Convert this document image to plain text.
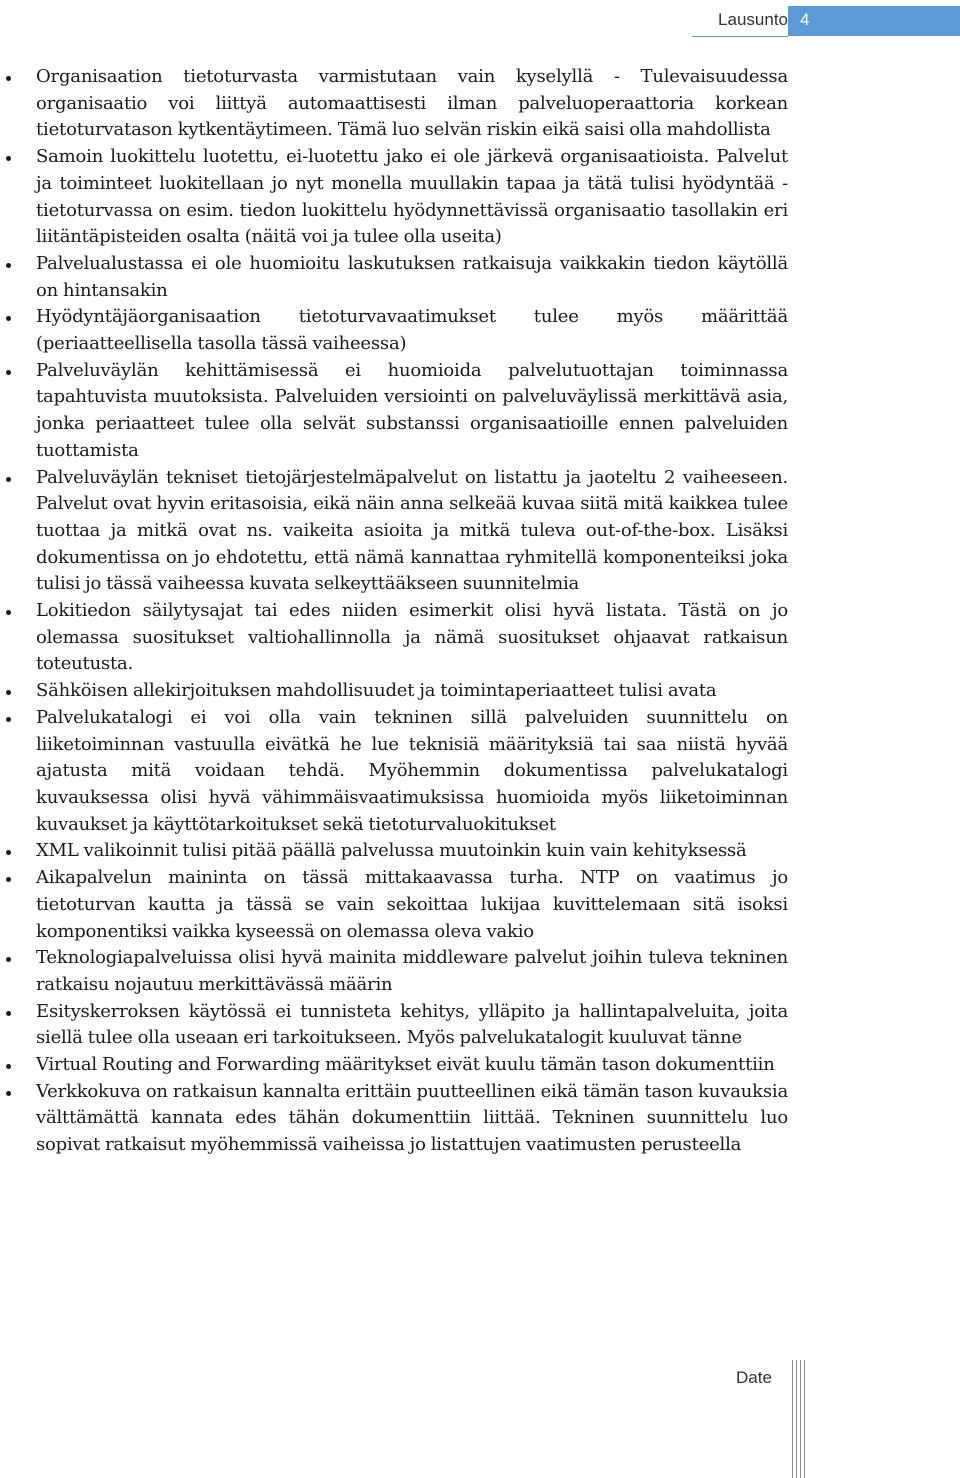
Lausunto 4
Organisaation tietoturvasta varmistutaan vain kyselyllä - Tulevaisuudessa organisaatio voi liittyä automaattisesti ilman palveluoperaattoria korkean tietoturvatason kytkentäytimeen. Tämä luo selvän riskin eikä saisi olla mahdollista
Samoin luokittelu luotettu, ei-luotettu jako ei ole järkevä organisaatioista. Palvelut ja toiminteet luokitellaan jo nyt monella muullakin tapaa ja tätä tulisi hyödyntää - tietoturvassa on esim. tiedon luokittelu hyödynnettävissä organisaatio tasollakin eri liitäntäpisteiden osalta (näitä voi ja tulee olla useita)
Palvelualustassa ei ole huomioitu laskutuksen ratkaisuja vaikkakin tiedon käytöllä on hintansakin
Hyödyntäjäorganisaation tietoturvavaatimukset tulee myös määrittää (periaatteellisella tasolla tässä vaiheessa)
Palveluväylän kehittämisessä ei huomioida palvelutuottajan toiminnassa tapahtuvista muutoksista. Palveluiden versiointi on palveluväylissä merkittävä asia, jonka periaatteet tulee olla selvät substanssi organisaatioille ennen palveluiden tuottamista
Palveluväylän tekniset tietojärjestelmäpalvelut on listattu ja jaoteltu 2 vaiheeseen. Palvelut ovat hyvin eritasoisia, eikä näin anna selkeää kuvaa siitä mitä kaikkea tulee tuottaa ja mitkä ovat ns. vaikeita asioita ja mitkä tuleva out-of-the-box. Lisäksi dokumentissa on jo ehdotettu, että nämä kannattaa ryhmitellä komponenteiksi joka tulisi jo tässä vaiheessa kuvata selkeyttääkseen suunnitelmia
Lokitiedon säilytysajat tai edes niiden esimerkit olisi hyvä listata. Tästä on jo olemassa suositukset valtiohallinnolla ja nämä suositukset ohjaavat ratkaisun toteutusta.
Sähköisen allekirjoituksen mahdollisuudet ja toimintaperiaatteet tulisi avata
Palvelukatalogi ei voi olla vain tekninen sillä palveluiden suunnittelu on liiketoiminnan vastuulla eivätkä he lue teknisiä määrityksiä tai saa niistä hyvää ajatusta mitä voidaan tehdä. Myöhemmin dokumentissa palvelukatalogi kuvauksessa olisi hyvä vähimmäisvaatimuksissa huomioida myös liiketoiminnan kuvaukset ja käyttötarkoitukset sekä tietoturvaluokitukset
XML valikoinnit tulisi pitää päällä palvelussa muutoinkin kuin vain kehityksessä
Aikapalvelun maininta on tässä mittakaavassa turha. NTP on vaatimus jo tietoturvan kautta ja tässä se vain sekoittaa lukijaa kuvittelemaan sitä isoksi komponentiksi vaikka kyseessä on olemassa oleva vakio
Teknologiapalveluissa olisi hyvä mainita middleware palvelut joihin tuleva tekninen ratkaisu nojautuu merkittävässä määrin
Esityskerroksen käytössä ei tunnisteta kehitys, ylläpito ja hallintapalveluita, joita siellä tulee olla useaan eri tarkoitukseen. Myös palvelukatalogit kuuluvat tänne
Virtual Routing and Forwarding määritykset eivät kuulu tämän tason dokumenttiin
Verkkokuva on ratkaisun kannalta erittäin puutteellinen eikä tämän tason kuvauksia välttämättä kannata edes tähän dokumenttiin liittää. Tekninen suunnittelu luo sopivat ratkaisut myöhemmissä vaiheissa jo listattujen vaatimusten perusteella
Date
